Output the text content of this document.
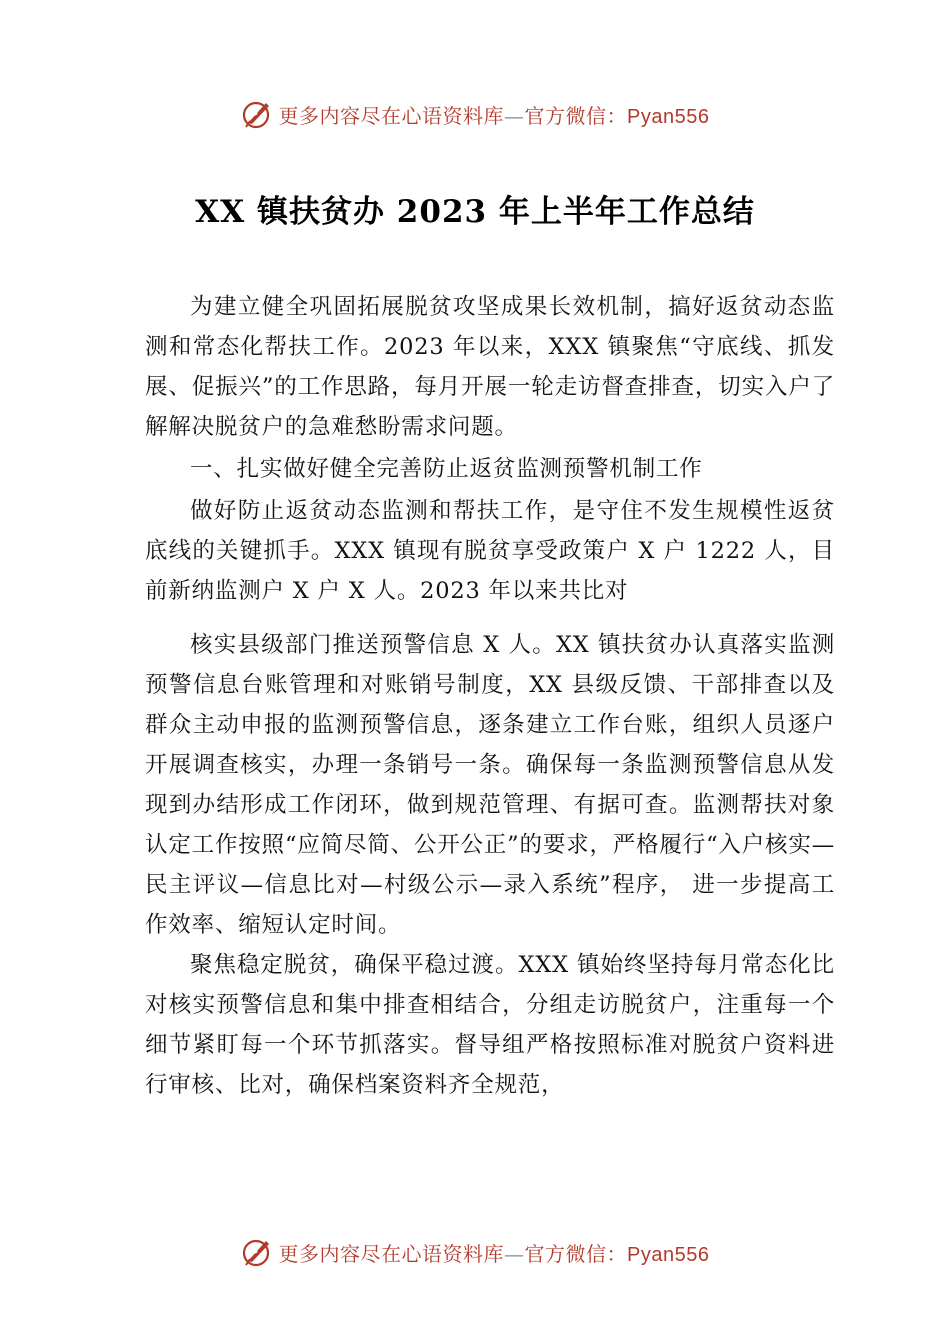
更多内容尽在心语资料库—官方微信：Pyan556
XX 镇扶贫办 2023 年上半年工作总结

为建立健全巩固拓展脱贫攻坚成果长效机制，搞好返贫动态监测和常态化帮扶工作。2023 年以来，XXX 镇聚焦“守底线、抓发展、促振兴”的工作思路，每月开展一轮走访督查排查，切实入户了解解决脱贫户的急难愁盼需求问题。

一、扎实做好健全完善防止返贫监测预警机制工作

做好防止返贫动态监测和帮扶工作，是守住不发生规模性返贫底线的关键抓手。XXX 镇现有脱贫享受政策户 X 户 1222 人，目前新纳监测户 X 户 X 人。2023 年以来共比对

核实县级部门推送预警信息 X 人。XX 镇扶贫办认真落实监测预警信息台账管理和对账销号制度，XX 县级反馈、干部排查以及群众主动申报的监测预警信息，逐条建立工作台账，组织人员逐户开展调查核实，办理一条销号一条。确保每一条监测预警信息从发现到办结形成工作闭环，做到规范管理、有据可查。监测帮扶对象认定工作按照“应简尽简、公开公正”的要求，严格履行“入户核实—民主评议—信息比对—村级公示—录入系统”程序， 进一步提高工作效率、缩短认定时间。

聚焦稳定脱贫，确保平稳过渡。XXX 镇始终坚持每月常态化比对核实预警信息和集中排查相结合，分组走访脱贫户，注重每一个细节紧盯每一个环节抓落实。督导组严格按照标准对脱贫户资料进行审核、比对，确保档案资料齐全规范，

更多内容尽在心语资料库—官方微信：Pyan556
